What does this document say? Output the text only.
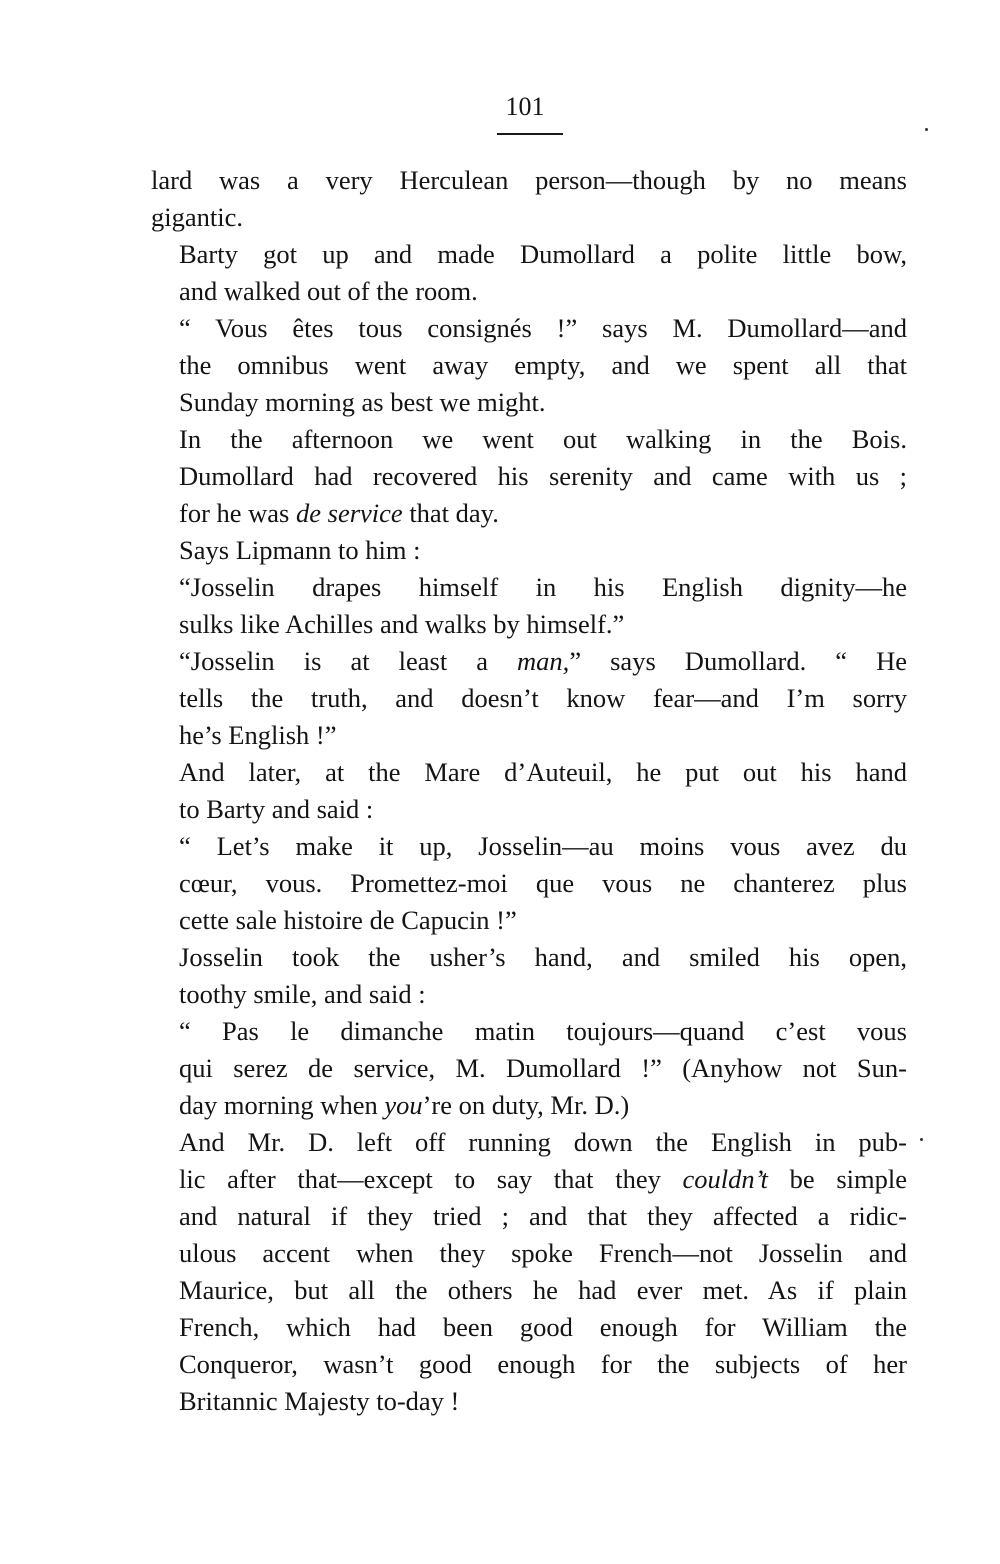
101

lard was a very Herculean person—though by no means
gigantic.

Barty got up and made Dumollard a polite little bow,
and walked out of the room.

“ Vous êtes tous consignés !” says M. Dumollard—and
the omnibus went away empty, and we spent all that
Sunday morning as best we might.

In the afternoon we went out walking in the Bois.
Dumollard had recovered his serenity and came with us ;
for he was de service that day.

Says Lipmann to him :

“Josselin drapes himself in his English dignity—he
sulks like Achilles and walks by himself.”

“Josselin is at least a man,” says Dumollard. “ He
tells the truth, and doesn’t know fear—and I’m sorry
he’s English !”

And later, at the Mare d’Auteuil, he put out his hand
to Barty and said :

“ Let’s make it up, Josselin—au moins vous avez du
cœur, vous. Promettez-moi que vous ne chanterez plus
cette sale histoire de Capucin !”

Josselin took the usher’s hand, and smiled his open,
toothy smile, and said :

“ Pas le dimanche matin toujours—quand c’est vous
qui serez de service, M. Dumollard !” (Anyhow not Sun-
day morning when you’re on duty, Mr. D.)

And Mr. D. left off running down the English in pub-
lic after that—except to say that they couldn’t be simple
and natural if they tried ; and that they affected a ridic-
ulous accent when they spoke French—not Josselin and
Maurice, but all the others he had ever met. As if plain
French, which had been good enough for William the
Conqueror, wasn’t good enough for the subjects of her
Britannic Majesty to-day !
